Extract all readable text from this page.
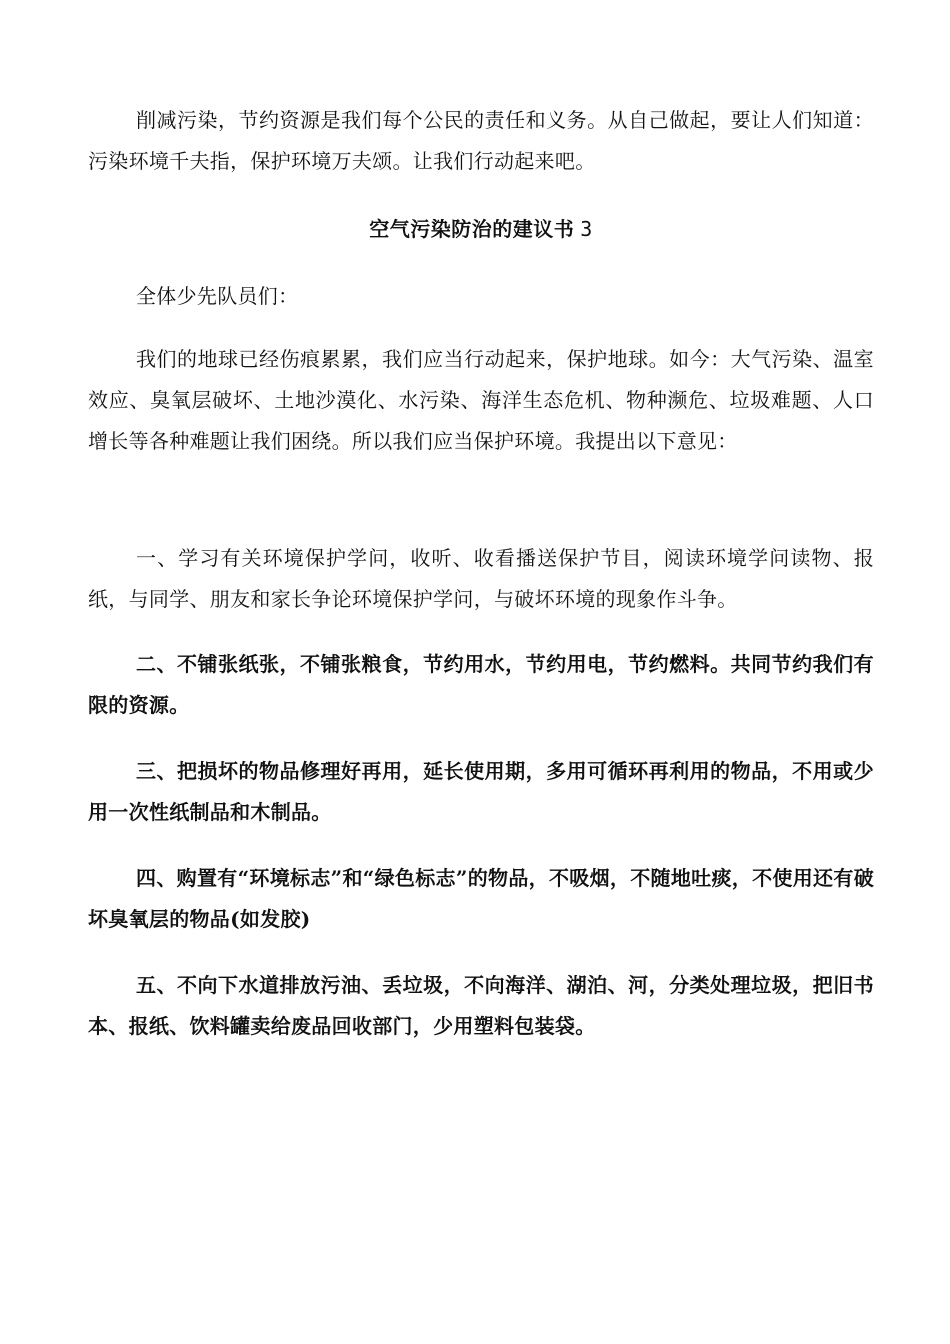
削减污染，节约资源是我们每个公民的责任和义务。从自己做起，要让人们知道：污染环境千夫指，保护环境万夫颂。让我们行动起来吧。

空气污染防治的建议书 3

全体少先队员们：

我们的地球已经伤痕累累，我们应当行动起来，保护地球。如今：大气污染、温室效应、臭氧层破坏、土地沙漠化、水污染、海洋生态危机、物种濒危、垃圾难题、人口增长等各种难题让我们困绕。所以我们应当保护环境。我提出以下意见：

一、学习有关环境保护学问，收听、收看播送保护节目，阅读环境学问读物、报纸，与同学、朋友和家长争论环境保护学问，与破坏环境的现象作斗争。

二、不铺张纸张，不铺张粮食，节约用水，节约用电，节约燃料。共同节约我们有限的资源。

三、把损坏的物品修理好再用，延长使用期，多用可循环再利用的物品，不用或少用一次性纸制品和木制品。

四、购置有“环境标志”和“绿色标志”的物品，不吸烟，不随地吐痰，不使用还有破坏臭氧层的物品(如发胶)

五、不向下水道排放污油、丢垃圾，不向海洋、湖泊、河，分类处理垃圾，把旧书本、报纸、饮料罐卖给废品回收部门，少用塑料包装袋。
